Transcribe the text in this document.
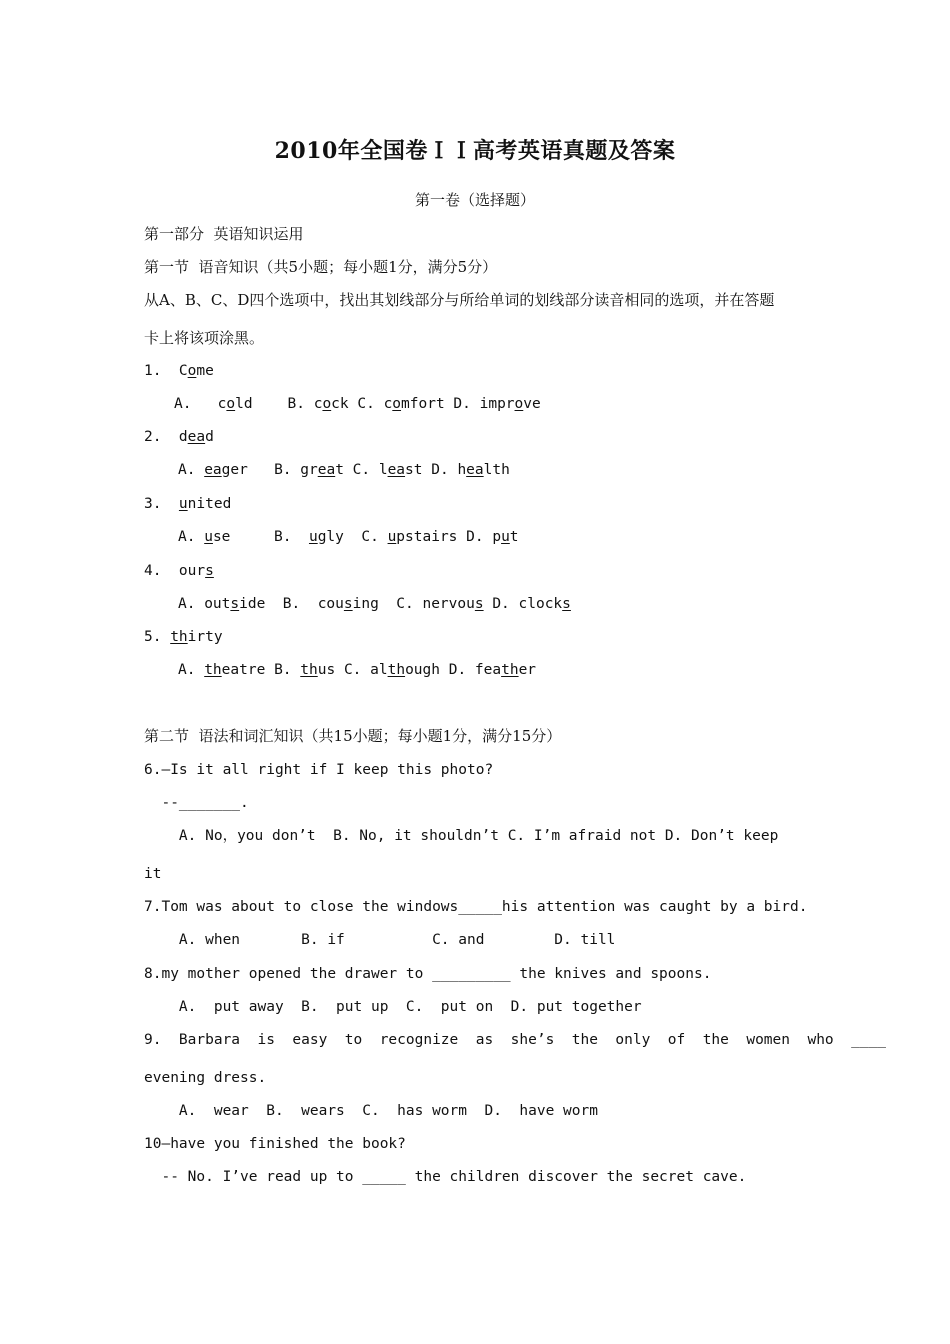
2010年全国卷ＩＩ高考英语真题及答案
第一卷（选择题）
第一部分  英语知识运用
第一节  语音知识（共5小题；每小题1分，满分5分）
从A、B、C、D四个选项中，找出其划线部分与所给单词的划线部分读音相同的选项，并在答题
卡上将该项涂黑。
1.  Come
A.   cold    B. cock C. comfort D. improve
2.  dead
A. eager   B. great C. least D. health
3.  united
A. use     B.  ugly  C. upstairs D. put
4.  ours
A. outside  B.  cousing  C. nervous D. clocks
5. thirty
A. theatre B. thus C. although D. feather
第二节  语法和词汇知识（共15小题；每小题1分，满分15分）
6.—Is it all right if I keep this photo?
--_______.
A. No，you don’t  B. No, it shouldn’t C. I’m afraid not D. Don’t keep
it
7.Tom was about to close the windows_____his attention was caught by a bird.
A. when       B. if          C. and        D. till
8.my mother opened the drawer to _________ the knives and spoons.
A.  put away  B.  put up  C.  put on  D. put together
9.  Barbara  is  easy  to  recognize  as  she’s  the  only  of  the  women  who  ____
evening dress.
A.  wear  B.  wears  C.  has worm  D.  have worm
10—have you finished the book?
-- No. I’ve read up to _____ the children discover the secret cave.
